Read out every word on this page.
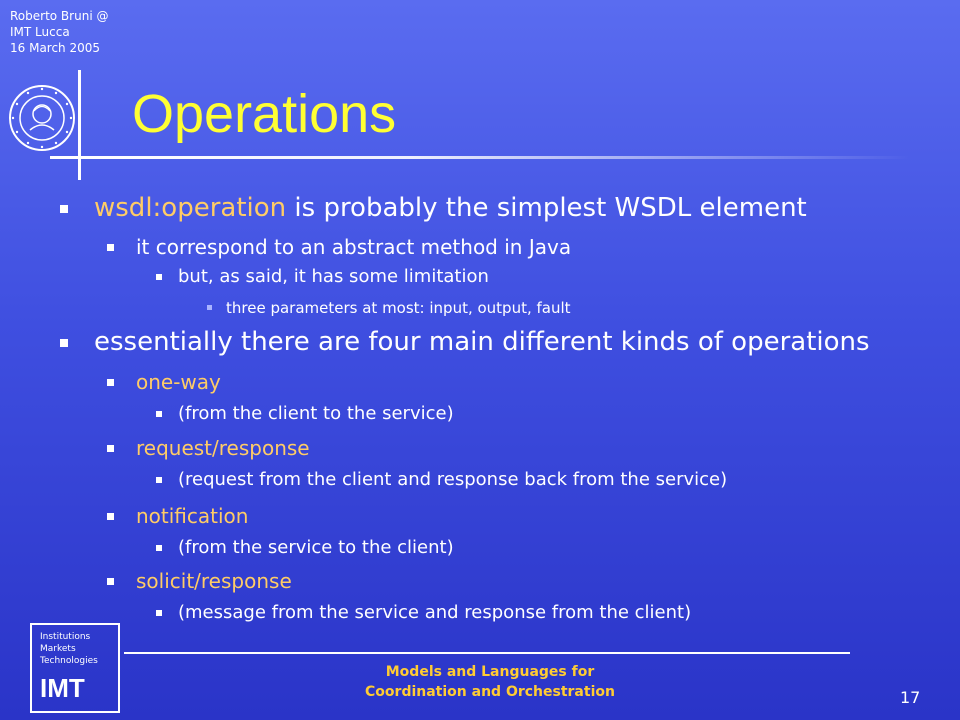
Roberto Bruni @
IMT Lucca
16 March 2005
Operations
wsdl:operation is probably the simplest WSDL element
it correspond to an abstract method in Java
but, as said, it has some limitation
three parameters at most: input, output, fault
essentially there are four main different kinds of operations
one-way
(from the client to the service)
request/response
(request from the client and response back from the service)
notification
(from the service to the client)
solicit/response
(message from the service and response from the client)
Institutions
Markets
Technologies
IMT
Models and Languages for
Coordination and Orchestration	17
